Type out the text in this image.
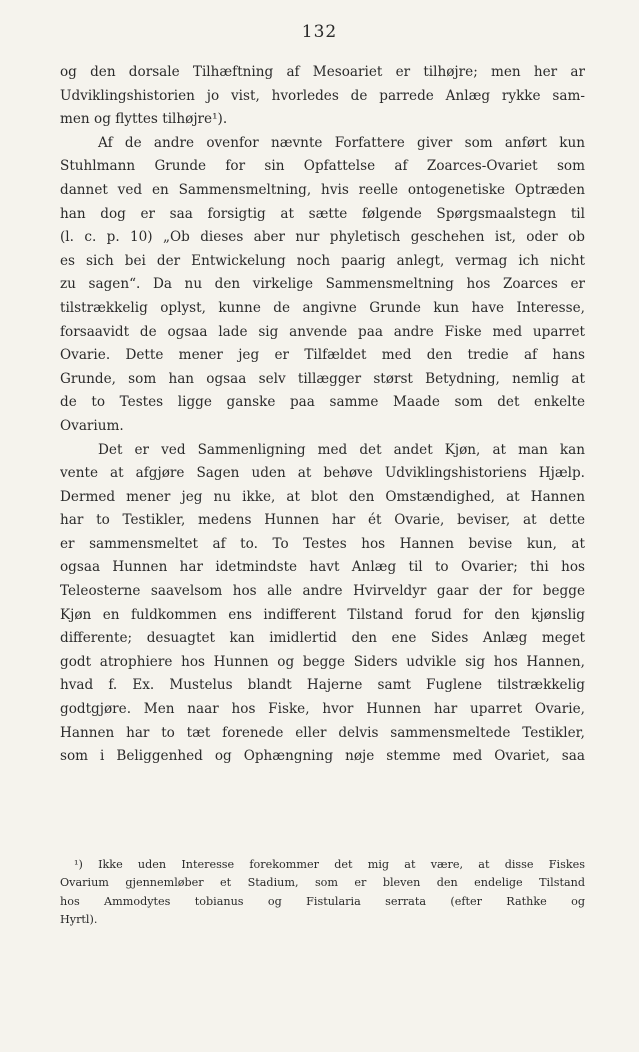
132

og den dorsale Tilhæftning af Mesoariet er tilhøjre; men her ar

Udviklingshistorien jo vist, hvorledes de parrede Anlæg rykke sam-

men og flyttes tilhøjre¹).

Af de andre ovenfor nævnte Forfattere giver som anført kun

Stuhlmann Grunde for sin Opfattelse af Zoarces-Ovariet som

dannet ved en Sammensmeltning, hvis reelle ontogenetiske Optræden

han dog er saa forsigtig at sætte følgende Spørgsmaalstegn til

(l. c. p. 10) „Ob dieses aber nur phyletisch geschehen ist, oder ob

es sich bei der Entwickelung noch paarig anlegt, vermag ich nicht

zu sagen“. Da nu den virkelige Sammensmeltning hos Zoarces er

tilstrækkelig oplyst, kunne de angivne Grunde kun have Interesse,

forsaavidt de ogsaa lade sig anvende paa andre Fiske med uparret

Ovarie. Dette mener jeg er Tilfældet med den tredie af hans

Grunde, som han ogsaa selv tillægger størst Betydning, nemlig at

de to Testes ligge ganske paa samme Maade som det enkelte

Ovarium.

Det er ved Sammenligning med det andet Kjøn, at man kan

vente at afgjøre Sagen uden at behøve Udviklingshistoriens Hjælp.

Dermed mener jeg nu ikke, at blot den Omstændighed, at Hannen

har to Testikler, medens Hunnen har ét Ovarie, beviser, at dette

er sammensmeltet af to. To Testes hos Hannen bevise kun, at

ogsaa Hunnen har idetmindste havt Anlæg til to Ovarier; thi hos

Teleosterne saavelsom hos alle andre Hvirveldyr gaar der for begge

Kjøn en fuldkommen ens indifferent Tilstand forud for den kjønslig

differente; desuagtet kan imidlertid den ene Sides Anlæg meget

godt atrophiere hos Hunnen og begge Siders udvikle sig hos Hannen,

hvad f. Ex. Mustelus blandt Hajerne samt Fuglene tilstrækkelig

godtgjøre. Men naar hos Fiske, hvor Hunnen har uparret Ovarie,

Hannen har to tæt forenede eller delvis sammensmeltede Testikler,

som i Beliggenhed og Ophængning nøje stemme med Ovariet, saa

¹) Ikke uden Interesse forekommer det mig at være, at disse Fiskes

Ovarium gjennemløber et Stadium, som er bleven den endelige Tilstand

hos Ammodytes tobianus og Fistularia serrata (efter Rathke og

Hyrtl).
